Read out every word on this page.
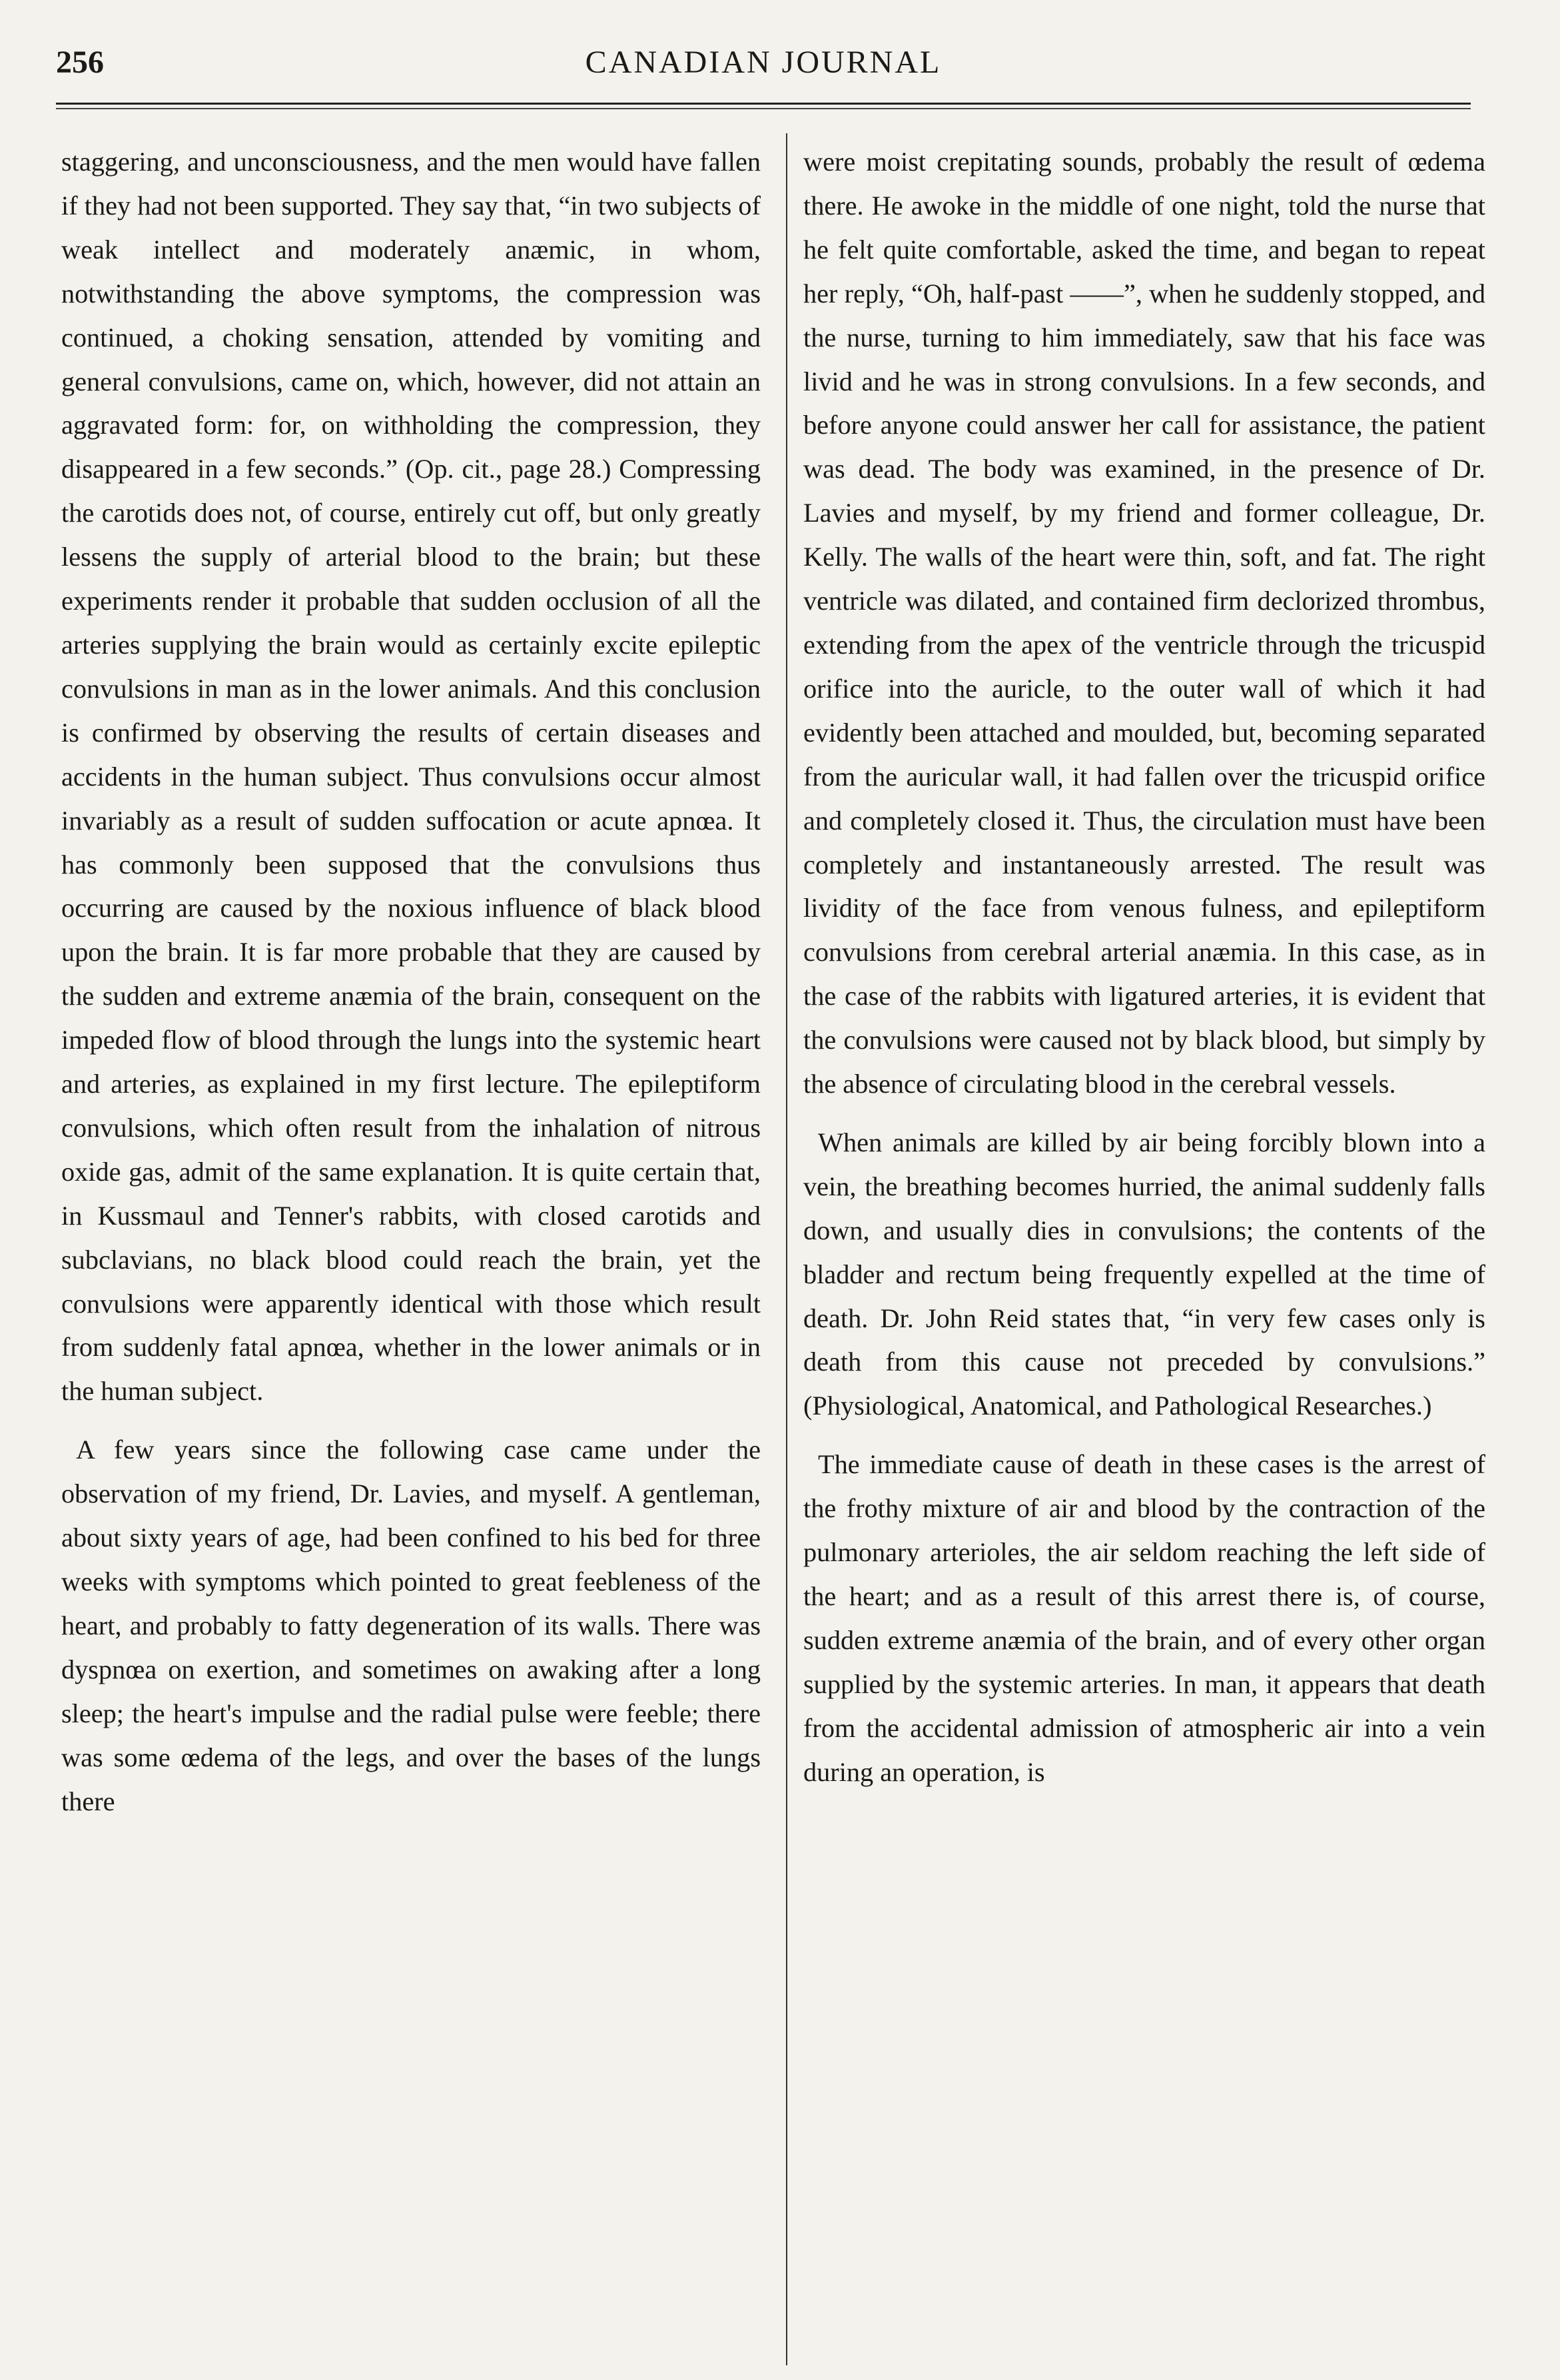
256	CANADIAN JOURNAL

staggering, and unconsciousness, and the men would have fallen if they had not been supported. They say that, “in two subjects of weak intellect and moderately anæmic, in whom, notwithstanding the above symptoms, the compression was continued, a choking sensation, attended by vomiting and general convulsions, came on, which, however, did not attain an aggravated form: for, on withholding the compression, they disappeared in a few seconds.” (Op. cit., page 28.) Compressing the carotids does not, of course, entirely cut off, but only greatly lessens the supply of arterial blood to the brain; but these experiments render it probable that sudden occlusion of all the arteries supplying the brain would as certainly excite epileptic convulsions in man as in the lower animals. And this conclusion is confirmed by observing the results of certain diseases and accidents in the human subject. Thus convulsions occur almost invariably as a result of sudden suffocation or acute apnœa. It has commonly been supposed that the convulsions thus occurring are caused by the noxious influence of black blood upon the brain. It is far more probable that they are caused by the sudden and extreme anæmia of the brain, consequent on the impeded flow of blood through the lungs into the systemic heart and arteries, as explained in my first lecture. The epileptiform convulsions, which often result from the inhalation of nitrous oxide gas, admit of the same explanation. It is quite certain that, in Kussmaul and Tenner's rabbits, with closed carotids and subclavians, no black blood could reach the brain, yet the convulsions were apparently identical with those which result from suddenly fatal apnœa, whether in the lower animals or in the human subject.

A few years since the following case came under the observation of my friend, Dr. Lavies, and myself. A gentleman, about sixty years of age, had been confined to his bed for three weeks with symptoms which pointed to great feebleness of the heart, and probably to fatty degeneration of its walls. There was dyspnœa on exertion, and sometimes on awaking after a long sleep; the heart's impulse and the radial pulse were feeble; there was some œdema of the legs, and over the bases of the lungs there

were moist crepitating sounds, probably the result of œdema there. He awoke in the middle of one night, told the nurse that he felt quite comfortable, asked the time, and began to repeat her reply, “Oh, half-past ——”, when he suddenly stopped, and the nurse, turning to him immediately, saw that his face was livid and he was in strong convulsions. In a few seconds, and before anyone could answer her call for assistance, the patient was dead. The body was examined, in the presence of Dr. Lavies and myself, by my friend and former colleague, Dr. Kelly. The walls of the heart were thin, soft, and fat. The right ventricle was dilated, and contained firm declorized thrombus, extending from the apex of the ventricle through the tricuspid orifice into the auricle, to the outer wall of which it had evidently been attached and moulded, but, becoming separated from the auricular wall, it had fallen over the tricuspid orifice and completely closed it. Thus, the circulation must have been completely and instantaneously arrested. The result was lividity of the face from venous fulness, and epileptiform convulsions from cerebral arterial anæmia. In this case, as in the case of the rabbits with ligatured arteries, it is evident that the convulsions were caused not by black blood, but simply by the absence of circulating blood in the cerebral vessels.

When animals are killed by air being forcibly blown into a vein, the breathing becomes hurried, the animal suddenly falls down, and usually dies in convulsions; the contents of the bladder and rectum being frequently expelled at the time of death. Dr. John Reid states that, “in very few cases only is death from this cause not preceded by convulsions.” (Physiological, Anatomical, and Pathological Researches.)

The immediate cause of death in these cases is the arrest of the frothy mixture of air and blood by the contraction of the pulmonary arterioles, the air seldom reaching the left side of the heart; and as a result of this arrest there is, of course, sudden extreme anæmia of the brain, and of every other organ supplied by the systemic arteries. In man, it appears that death from the accidental admission of atmospheric air into a vein during an operation, is
